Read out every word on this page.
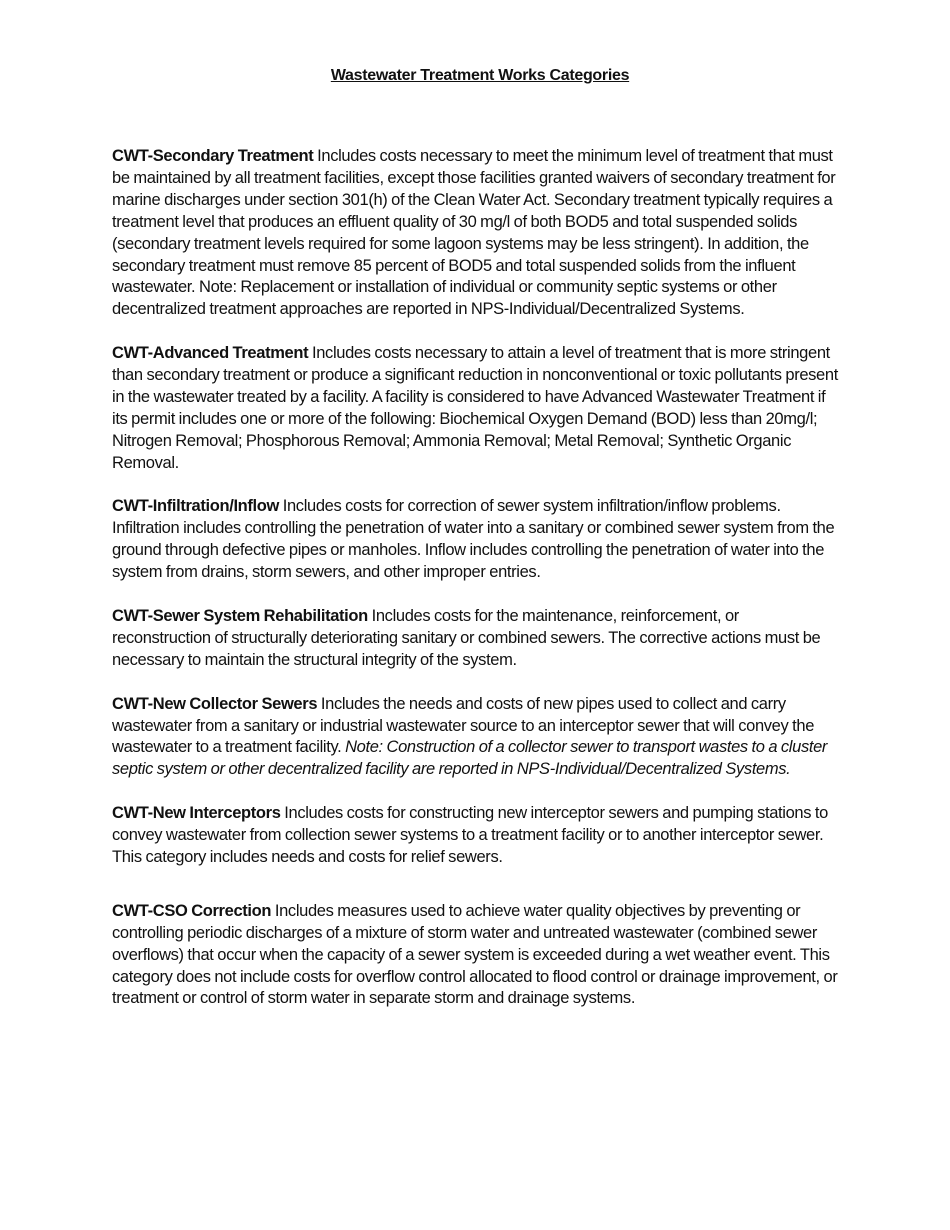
Wastewater Treatment Works Categories

CWT-Secondary Treatment Includes costs necessary to meet the minimum level of treatment that must be maintained by all treatment facilities, except those facilities granted waivers of secondary treatment for marine discharges under section 301(h) of the Clean Water Act. Secondary treatment typically requires a treatment level that produces an effluent quality of 30 mg/l of both BOD5 and total suspended solids (secondary treatment levels required for some lagoon systems may be less stringent). In addition, the secondary treatment must remove 85 percent of BOD5 and total suspended solids from the influent wastewater. Note: Replacement or installation of individual or community septic systems or other decentralized treatment approaches are reported in NPS-Individual/Decentralized Systems.

CWT-Advanced Treatment Includes costs necessary to attain a level of treatment that is more stringent than secondary treatment or produce a significant reduction in nonconventional or toxic pollutants present in the wastewater treated by a facility. A facility is considered to have Advanced Wastewater Treatment if its permit includes one or more of the following: Biochemical Oxygen Demand (BOD) less than 20mg/l; Nitrogen Removal; Phosphorous Removal; Ammonia Removal; Metal Removal; Synthetic Organic Removal.

CWT-Infiltration/Inflow Includes costs for correction of sewer system infiltration/inflow problems. Infiltration includes controlling the penetration of water into a sanitary or combined sewer system from the ground through defective pipes or manholes. Inflow includes controlling the penetration of water into the system from drains, storm sewers, and other improper entries.

CWT-Sewer System Rehabilitation Includes costs for the maintenance, reinforcement, or reconstruction of structurally deteriorating sanitary or combined sewers. The corrective actions must be necessary to maintain the structural integrity of the system.

CWT-New Collector Sewers Includes the needs and costs of new pipes used to collect and carry wastewater from a sanitary or industrial wastewater source to an interceptor sewer that will convey the wastewater to a treatment facility. Note: Construction of a collector sewer to transport wastes to a cluster septic system or other decentralized facility are reported in NPS-Individual/Decentralized Systems.

CWT-New Interceptors Includes costs for constructing new interceptor sewers and pumping stations to convey wastewater from collection sewer systems to a treatment facility or to another interceptor sewer. This category includes needs and costs for relief sewers.

CWT-CSO Correction Includes measures used to achieve water quality objectives by preventing or controlling periodic discharges of a mixture of storm water and untreated wastewater (combined sewer overflows) that occur when the capacity of a sewer system is exceeded during a wet weather event. This category does not include costs for overflow control allocated to flood control or drainage improvement, or treatment or control of storm water in separate storm and drainage systems.
